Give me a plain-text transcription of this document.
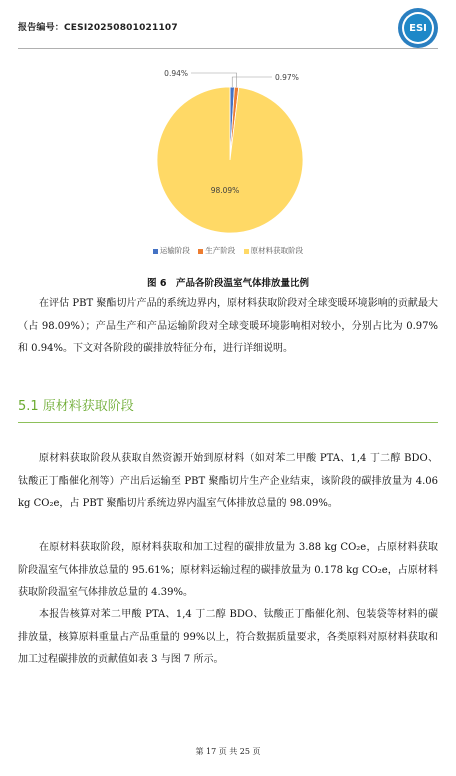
报告编号：CESI20250801021107	ESI
0.97%
0.94%
98.09%
运输阶段 生产阶段 原材料获取阶段
图 6　产品各阶段温室气体排放量比例

在评估 PBT 聚酯切片产品的系统边界内，原材料获取阶段对全球变暖环境影响的贡献最大（占 98.09%）；产品生产和产品运输阶段对全球变暖环境影响相对较小，分别占比为 0.97%和 0.94%。下文对各阶段的碳排放特征分布，进行详细说明。

5.1 原材料获取阶段

原材料获取阶段从获取自然资源开始到原材料（如对苯二甲酸 PTA、1,4 丁二醇 BDO、钛酸正丁酯催化剂等）产出后运输至 PBT 聚酯切片生产企业结束，该阶段的碳排放量为 4.06 kg CO₂e，占 PBT 聚酯切片系统边界内温室气体排放总量的 98.09%。

在原材料获取阶段，原材料获取和加工过程的碳排放量为 3.88 kg CO₂e，占原材料获取阶段温室气体排放总量的 95.61%；原材料运输过程的碳排放量为 0.178 kg CO₂e，占原材料获取阶段温室气体排放总量的 4.39%。

本报告核算对苯二甲酸 PTA、1,4 丁二醇 BDO、钛酸正丁酯催化剂、包装袋等材料的碳排放量，核算原料重量占产品重量的 99%以上，符合数据质量要求，各类原料对原材料获取和加工过程碳排放的贡献值如表 3 与图 7 所示。

第 17 页 共 25 页
